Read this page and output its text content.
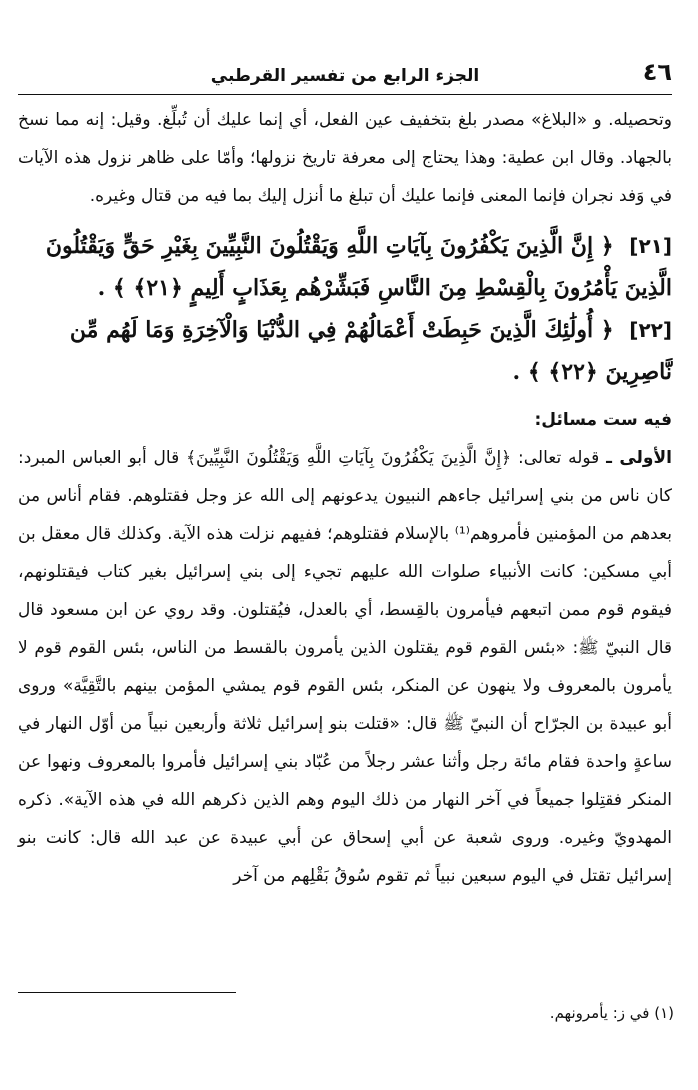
٤٦
الجزء الرابع من تفسير القرطبي

وتحصيله. و «البلاغ» مصدر بلغ بتخفيف عين الفعل، أي إنما عليك أن تُبلِّغ. وقيل: إنه مما نسخ بالجهاد. وقال ابن عطية: وهذا يحتاج إلى معرفة تاريخ نزولها؛ وأمّا على ظاهر نزول هذه الآيات في وَفد نجران فإنما المعنى فإنما عليك أن تبلغ ما أنزل إليك بما فيه من قتال وغيره.

[٢١] ﴿ إِنَّ الَّذِينَ يَكْفُرُونَ بِآيَاتِ اللَّهِ وَيَقْتُلُونَ النَّبِيِّينَ بِغَيْرِ حَقٍّ وَيَقْتُلُونَ الَّذِينَ يَأْمُرُونَ بِالْقِسْطِ مِنَ النَّاسِ فَبَشِّرْهُم بِعَذَابٍ أَلِيمٍ ﴿٢١﴾ ﴾ .

[٢٢] ﴿ أُولَٰئِكَ الَّذِينَ حَبِطَتْ أَعْمَالُهُمْ فِي الدُّنْيَا وَالْآخِرَةِ وَمَا لَهُم مِّن نَّاصِرِينَ ﴿٢٢﴾ ﴾ .

فيه ست مسائل:

الأولى ـ قوله تعالى: ﴿إِنَّ الَّذِينَ يَكْفُرُونَ بِآيَاتِ اللَّهِ وَيَقْتُلُونَ النَّبِيِّينَ﴾ قال أبو العباس المبرد: كان ناس من بني إسرائيل جاءهم النبيون يدعونهم إلى الله عز وجل فقتلوهم. فقام أناس من بعدهم من المؤمنين فأمروهم⁽¹⁾ بالإسلام فقتلوهم؛ ففيهم نزلت هذه الآية. وكذلك قال معقل بن أبي مسكين: كانت الأنبياء صلوات الله عليهم تجيء إلى بني إسرائيل بغير كتاب فيقتلونهم، فيقوم قوم ممن اتبعهم فيأمرون بالقِسط، أي بالعدل، فيُقتلون. وقد روي عن ابن مسعود قال قال النبيّ ﷺ: «بئس القوم قوم يقتلون الذين يأمرون بالقسط من الناس، بئس القوم قوم لا يأمرون بالمعروف ولا ينهون عن المنكر، بئس القوم قوم يمشي المؤمن بينهم بالتَّقِيَّة» وروى أبو عبيدة بن الجرّاح أن النبيّ ﷺ قال: «قتلت بنو إسرائيل ثلاثة وأربعين نبياً من أوّل النهار في ساعةٍ واحدة فقام مائة رجل وأثنا عشر رجلاً من عُبّاد بني إسرائيل فأمروا بالمعروف ونهوا عن المنكر فقتِلوا جميعاً في آخر النهار من ذلك اليوم وهم الذين ذكرهم الله في هذه الآية». ذكره المهدويّ وغيره. وروى شعبة عن أبي إسحاق عن أبي عبيدة عن عبد الله قال: كانت بنو إسرائيل تقتل في اليوم سبعين نبياً ثم تقوم سُوقُ بَقْلِهم من آخر

(١) في ز: يأمرونهم.
